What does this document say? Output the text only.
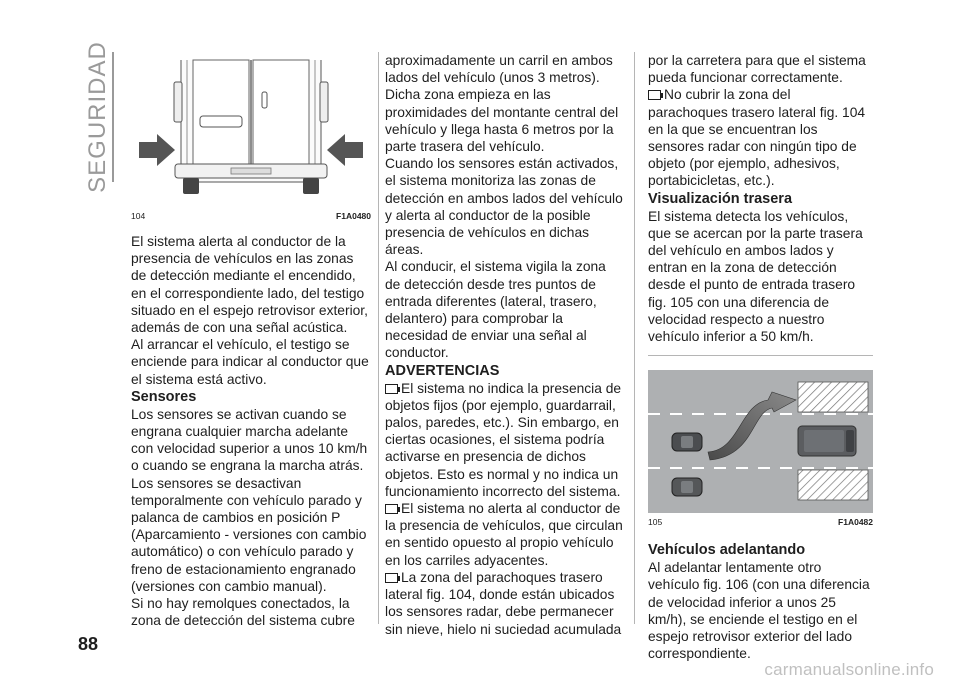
SEGURIDAD
104	F1A0480

El sistema alerta al conductor de la presencia de vehículos en las zonas de detección mediante el encendido, en el correspondiente lado, del testigo situado en el espejo retrovisor exterior, además de con una señal acústica.

Al arrancar el vehículo, el testigo se enciende para indicar al conductor que el sistema está activo.

Sensores

Los sensores se activan cuando se engrana cualquier marcha adelante con velocidad superior a unos 10 km/h o cuando se engrana la marcha atrás.

Los sensores se desactivan temporalmente con vehículo parado y palanca de cambios en posición P (Aparcamiento - versiones con cambio automático) o con vehículo parado y freno de estacionamiento engranado (versiones con cambio manual).

Si no hay remolques conectados, la zona de detección del sistema cubre

aproximadamente un carril en ambos lados del vehículo (unos 3 metros).

Dicha zona empieza en las proximidades del montante central del vehículo y llega hasta 6 metros por la parte trasera del vehículo.

Cuando los sensores están activados, el sistema monitoriza las zonas de detección en ambos lados del vehículo y alerta al conductor de la posible presencia de vehículos en dichas áreas.

Al conducir, el sistema vigila la zona de detección desde tres puntos de entrada diferentes (lateral, trasero, delantero) para comprobar la necesidad de enviar una señal al conductor.

ADVERTENCIAS

El sistema no indica la presencia de objetos fijos (por ejemplo, guardarrail, palos, paredes, etc.). Sin embargo, en ciertas ocasiones, el sistema podría activarse en presencia de dichos objetos. Esto es normal y no indica un funcionamiento incorrecto del sistema.

El sistema no alerta al conductor de la presencia de vehículos, que circulan en sentido opuesto al propio vehículo en los carriles adyacentes.

La zona del parachoques trasero lateral fig. 104, donde están ubicados los sensores radar, debe permanecer sin nieve, hielo ni suciedad acumulada

por la carretera para que el sistema pueda funcionar correctamente.

No cubrir la zona del parachoques trasero lateral fig. 104 en la que se encuentran los sensores radar con ningún tipo de objeto (por ejemplo, adhesivos, portabicicletas, etc.).

Visualización trasera

El sistema detecta los vehículos, que se acercan por la parte trasera del vehículo en ambos lados y entran en la zona de detección desde el punto de entrada trasero fig. 105 con una diferencia de velocidad respecto a nuestro vehículo inferior a 50 km/h.

105	F1A0482
Vehículos adelantando

Al adelantar lentamente otro vehículo fig. 106 (con una diferencia de velocidad inferior a unos 25 km/h), se enciende el testigo en el espejo retrovisor exterior del lado correspondiente.

88
carmanualsonline.info
